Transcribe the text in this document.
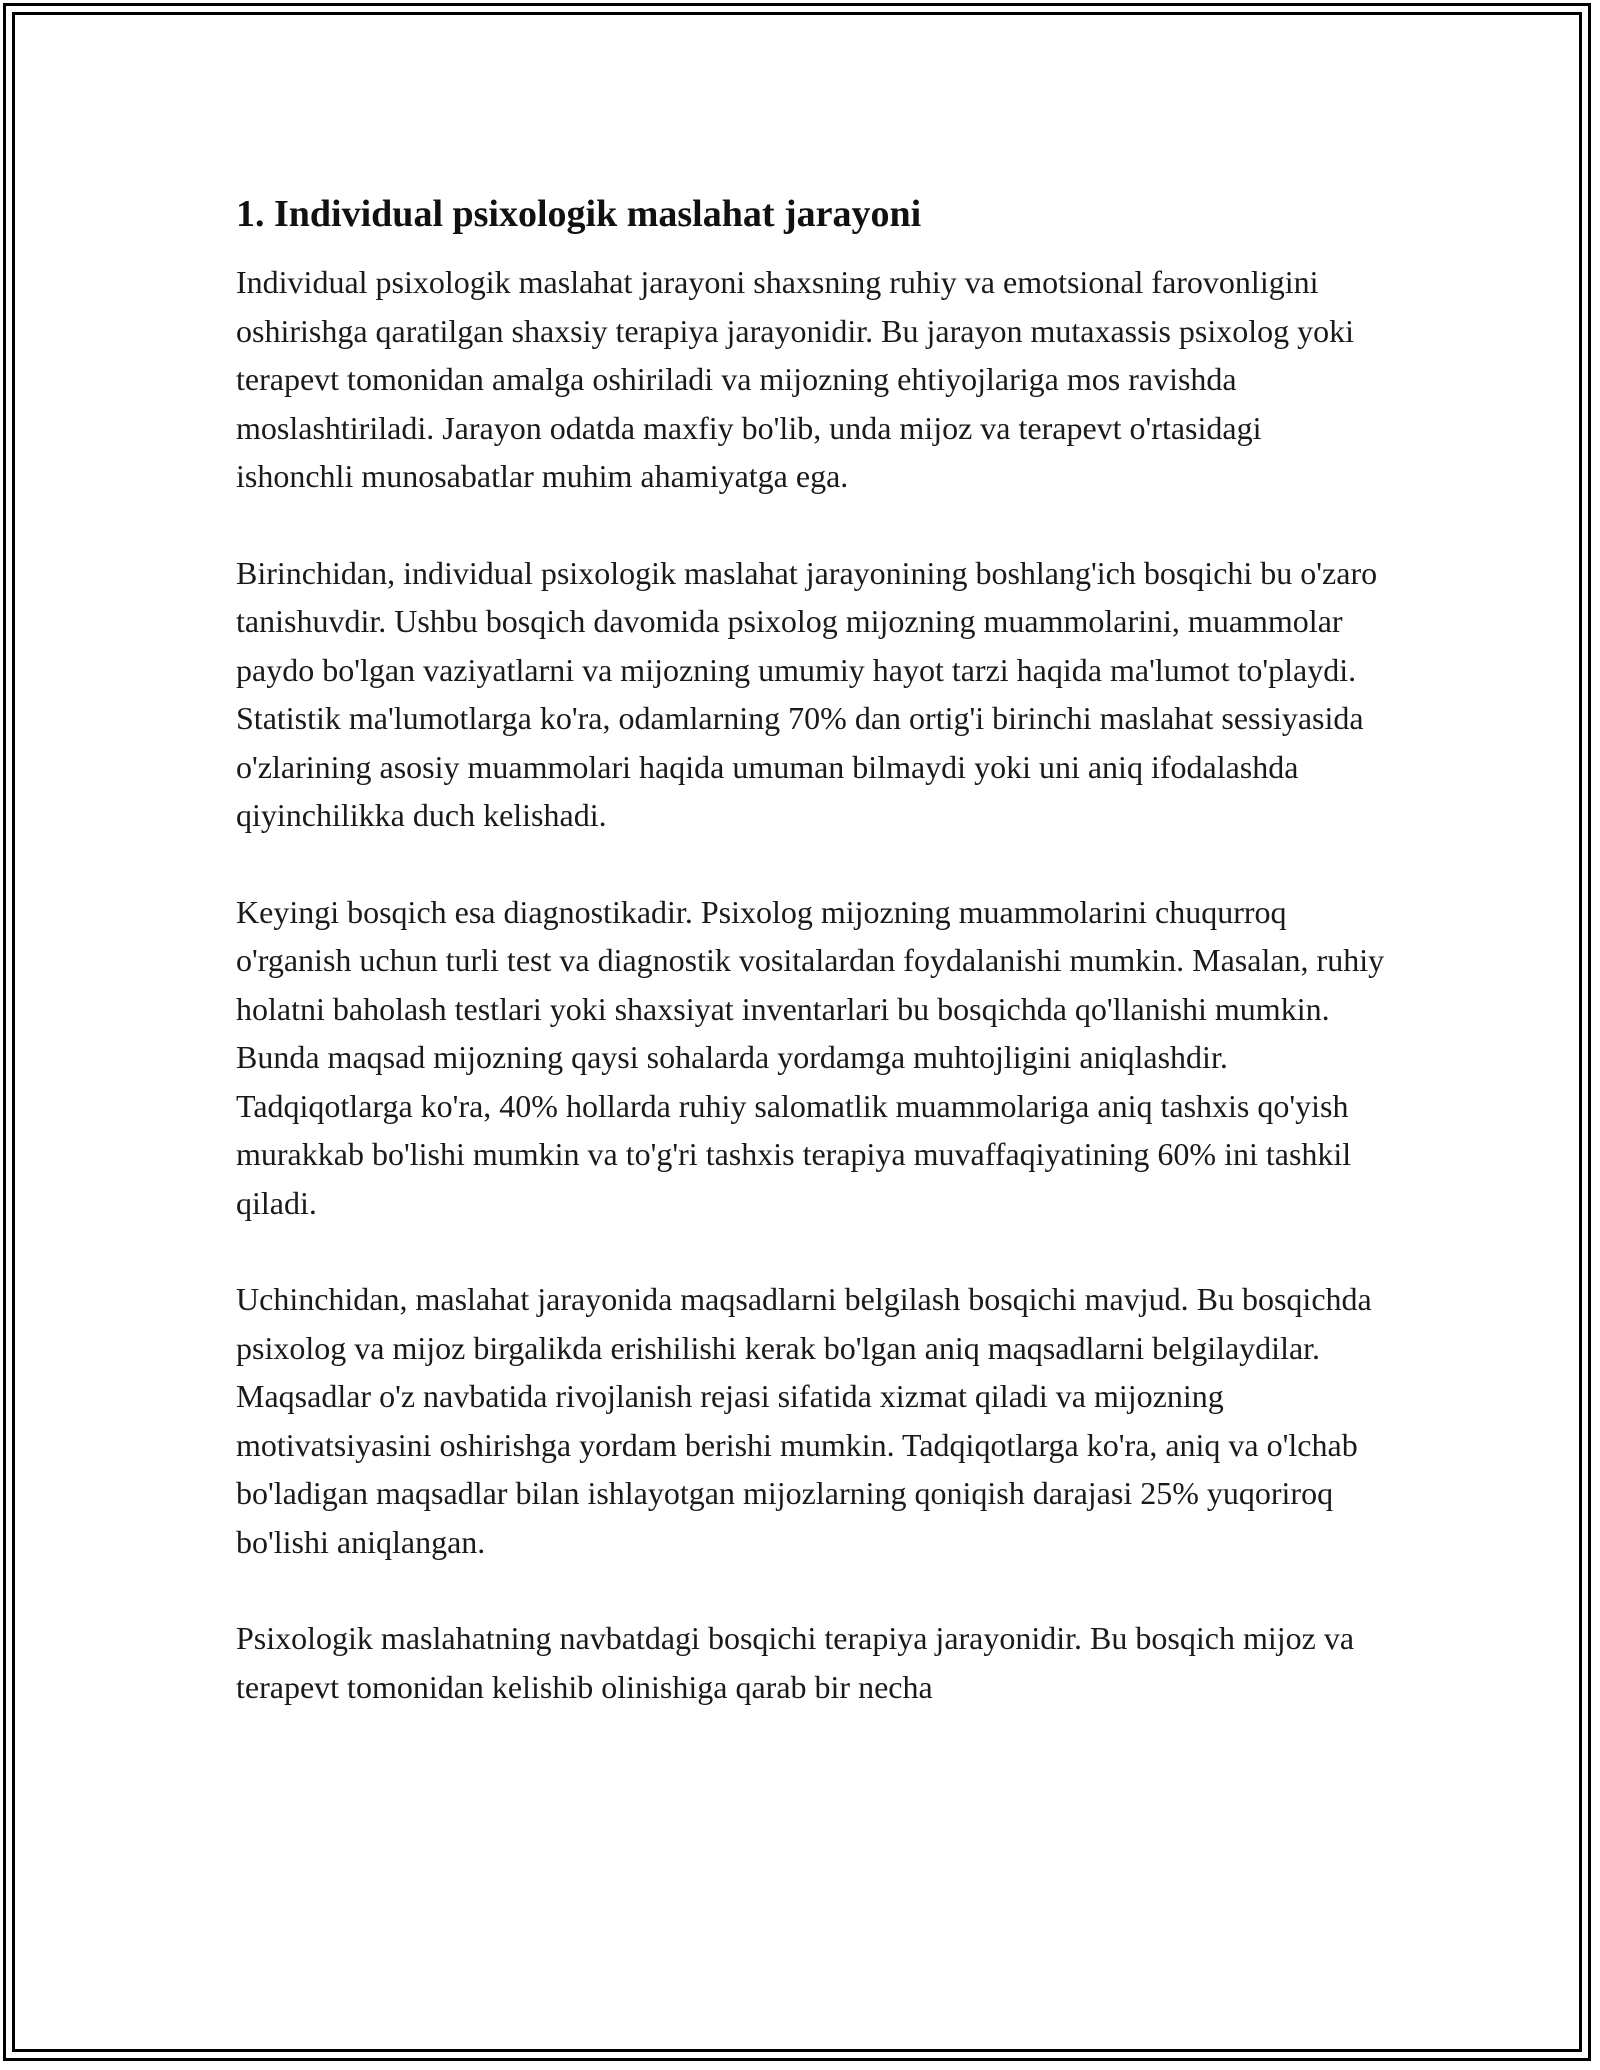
1. Individual psixologik maslahat jarayoni

Individual psixologik maslahat jarayoni shaxsning ruhiy va emotsional farovonligini oshirishga qaratilgan shaxsiy terapiya jarayonidir. Bu jarayon mutaxassis psixolog yoki terapevt tomonidan amalga oshiriladi va mijozning ehtiyojlariga mos ravishda moslashtiriladi. Jarayon odatda maxfiy bo'lib, unda mijoz va terapevt o'rtasidagi ishonchli munosabatlar muhim ahamiyatga ega.

Birinchidan, individual psixologik maslahat jarayonining boshlang'ich bosqichi bu o'zaro tanishuvdir. Ushbu bosqich davomida psixolog mijozning muammolarini, muammolar paydo bo'lgan vaziyatlarni va mijozning umumiy hayot tarzi haqida ma'lumot to'playdi. Statistik ma'lumotlarga ko'ra, odamlarning 70% dan ortig'i birinchi maslahat sessiyasida o'zlarining asosiy muammolari haqida umuman bilmaydi yoki uni aniq ifodalashda qiyinchilikka duch kelishadi.

Keyingi bosqich esa diagnostikadir. Psixolog mijozning muammolarini chuqurroq o'rganish uchun turli test va diagnostik vositalardan foydalanishi mumkin. Masalan, ruhiy holatni baholash testlari yoki shaxsiyat inventarlari bu bosqichda qo'llanishi mumkin. Bunda maqsad mijozning qaysi sohalarda yordamga muhtojligini aniqlashdir. Tadqiqotlarga ko'ra, 40% hollarda ruhiy salomatlik muammolariga aniq tashxis qo'yish murakkab bo'lishi mumkin va to'g'ri tashxis terapiya muvaffaqiyatining 60% ini tashkil qiladi.

Uchinchidan, maslahat jarayonida maqsadlarni belgilash bosqichi mavjud. Bu bosqichda psixolog va mijoz birgalikda erishilishi kerak bo'lgan aniq maqsadlarni belgilaydilar. Maqsadlar o'z navbatida rivojlanish rejasi sifatida xizmat qiladi va mijozning motivatsiyasini oshirishga yordam berishi mumkin. Tadqiqotlarga ko'ra, aniq va o'lchab bo'ladigan maqsadlar bilan ishlayotgan mijozlarning qoniqish darajasi 25% yuqoriroq bo'lishi aniqlangan.

Psixologik maslahatning navbatdagi bosqichi terapiya jarayonidir. Bu bosqich mijoz va terapevt tomonidan kelishib olinishiga qarab bir necha
